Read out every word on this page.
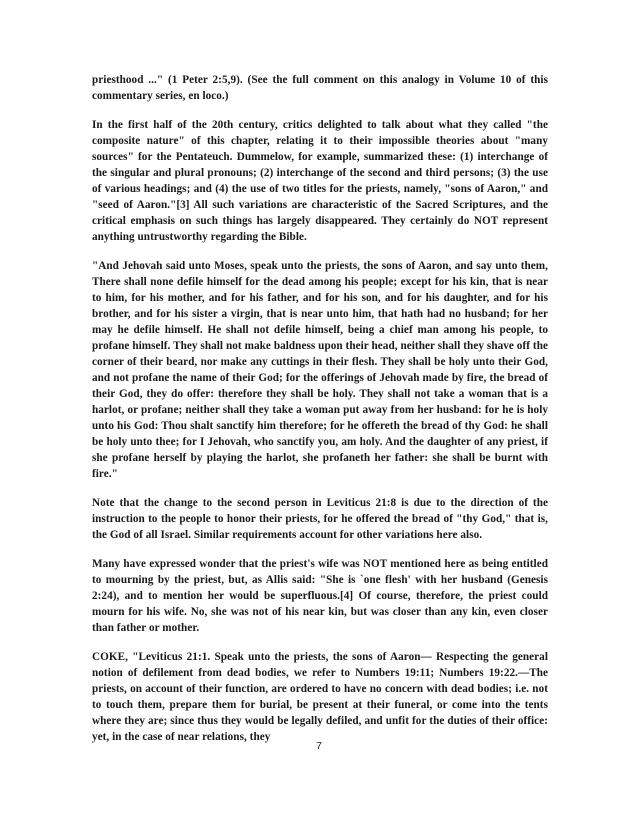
priesthood ..." (1 Peter 2:5,9). (See the full comment on this analogy in Volume 10 of this commentary series, en loco.)

In the first half of the 20th century, critics delighted to talk about what they called "the composite nature" of this chapter, relating it to their impossible theories about "many sources" for the Pentateuch. Dummelow, for example, summarized these: (1) interchange of the singular and plural pronouns; (2) interchange of the second and third persons; (3) the use of various headings; and (4) the use of two titles for the priests, namely, "sons of Aaron," and "seed of Aaron."[3] All such variations are characteristic of the Sacred Scriptures, and the critical emphasis on such things has largely disappeared. They certainly do NOT represent anything untrustworthy regarding the Bible.

"And Jehovah said unto Moses, speak unto the priests, the sons of Aaron, and say unto them, There shall none defile himself for the dead among his people; except for his kin, that is near to him, for his mother, and for his father, and for his son, and for his daughter, and for his brother, and for his sister a virgin, that is near unto him, that hath had no husband; for her may he defile himself. He shall not defile himself, being a chief man among his people, to profane himself. They shall not make baldness upon their head, neither shall they shave off the corner of their beard, nor make any cuttings in their flesh. They shall be holy unto their God, and not profane the name of their God; for the offerings of Jehovah made by fire, the bread of their God, they do offer: therefore they shall be holy. They shall not take a woman that is a harlot, or profane; neither shall they take a woman put away from her husband: for he is holy unto his God: Thou shalt sanctify him therefore; for he offereth the bread of thy God: he shall be holy unto thee; for I Jehovah, who sanctify you, am holy. And the daughter of any priest, if she profane herself by playing the harlot, she profaneth her father: she shall be burnt with fire."

Note that the change to the second person in Leviticus 21:8 is due to the direction of the instruction to the people to honor their priests, for he offered the bread of "thy God," that is, the God of all Israel. Similar requirements account for other variations here also.

Many have expressed wonder that the priest's wife was NOT mentioned here as being entitled to mourning by the priest, but, as Allis said: "She is `one flesh' with her husband (Genesis 2:24), and to mention her would be superfluous.[4] Of course, therefore, the priest could mourn for his wife. No, she was not of his near kin, but was closer than any kin, even closer than father or mother.

COKE, "Leviticus 21:1. Speak unto the priests, the sons of Aaron— Respecting the general notion of defilement from dead bodies, we refer to Numbers 19:11; Numbers 19:22.—The priests, on account of their function, are ordered to have no concern with dead bodies; i.e. not to touch them, prepare them for burial, be present at their funeral, or come into the tents where they are; since thus they would be legally defiled, and unfit for the duties of their office: yet, in the case of near relations, they

7
